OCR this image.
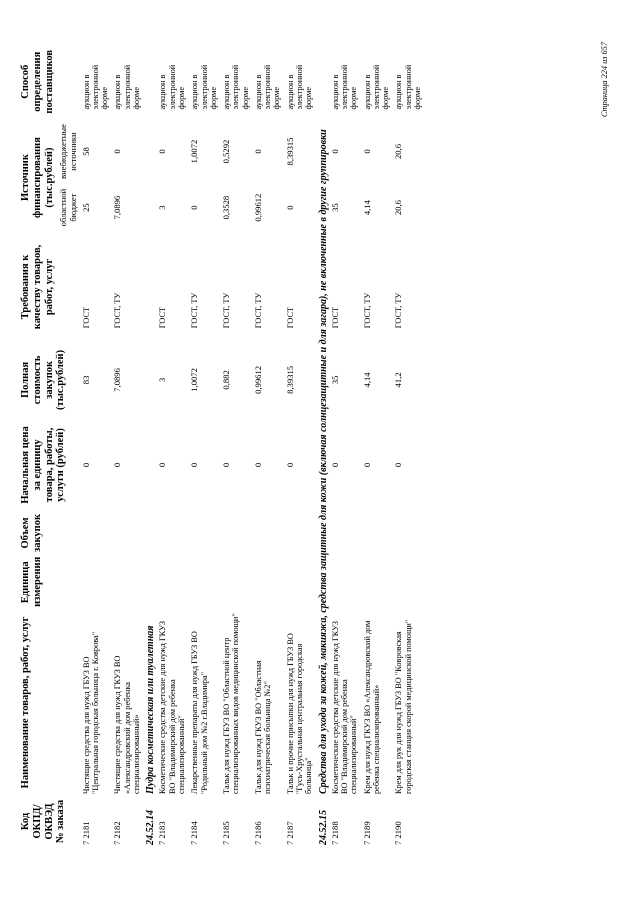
Код ОКПД/ ОКВЭД № заказа	Наименование товаров, работ, услуг	Единица измерения	Объем закупок	Начальная цена за единицу товара, работы, услуги (рублей)	Полная стоимость закупок (тыс.рублей)	Требования к качеству товаров, работ, услуг	Источник финансирования (тыс.рублей)		Способ определения поставщиков
							областной бюджет	внебюджетные источники	
7 2181	Чистящие средства для нужд ГБУЗ ВО "Центральная городская больница г. Коврова"			0	83	ГОСТ	25	58	аукцион в электронной форме
7 2182	Чистящие средства для нужд ГКУЗ ВО «Александровский дом ребенка специализированный»			0	7,0896	ГОСТ, ТУ	7,0896	0	аукцион в электронной форме
24.52.14	Пудра косметическая или туалетная								
7 2183	Косметические средства детские для нужд ГКУЗ ВО "Владимирский дом ребенка специализированный"			0	3	ГОСТ	3	0	аукцион в электронной форме
7 2184	Лекарственные препараты для нужд ГБУЗ ВО "Родильный дом №2 г.Владимира"			0	1,0072	ГОСТ, ТУ	0	1,0072	аукцион в электронной форме
7 2185	Тальк для нужд ГБУЗ ВО "Областной центр специализированных видов медицинской помощи"			0	0,882	ГОСТ, ТУ	0,3528	0,5292	аукцион в электронной форме
7 2186	Тальк для нужд ГКУЗ ВО "Областная психиатрическая больница №2"			0	0,99612	ГОСТ, ТУ	0,99612	0	аукцион в электронной форме
7 2187	Тальк и прочие присыпки для нужд ГБУЗ ВО "Гусь-Хрустальная центральная городская больница"			0	8,39315	ГОСТ	0	8,39315	аукцион в электронной форме
24.52.15	Средства для ухода за кожей, макияжа, средства защитные для кожи (включая солнцезащитные и для загара), не включенные в другие группировки								
7 2188	Косметические средства детские для нужд ГКУЗ ВО "Владимирский дом ребенка специализированный"			0	35	ГОСТ	35	0	аукцион в электронной форме
7 2189	Крем для нужд ГКУЗ ВО «Александровский дом ребенка специализированный»			0	4,14	ГОСТ, ТУ	4,14	0	аукцион в электронной форме
7 2190	Крем для рук для нужд ГБУЗ ВО "Ковровская городская станция скорой медицинской помощи"			0	41,2	ГОСТ, ТУ	20,6	20,6	аукцион в электронной форме	Страница 224 из 657
